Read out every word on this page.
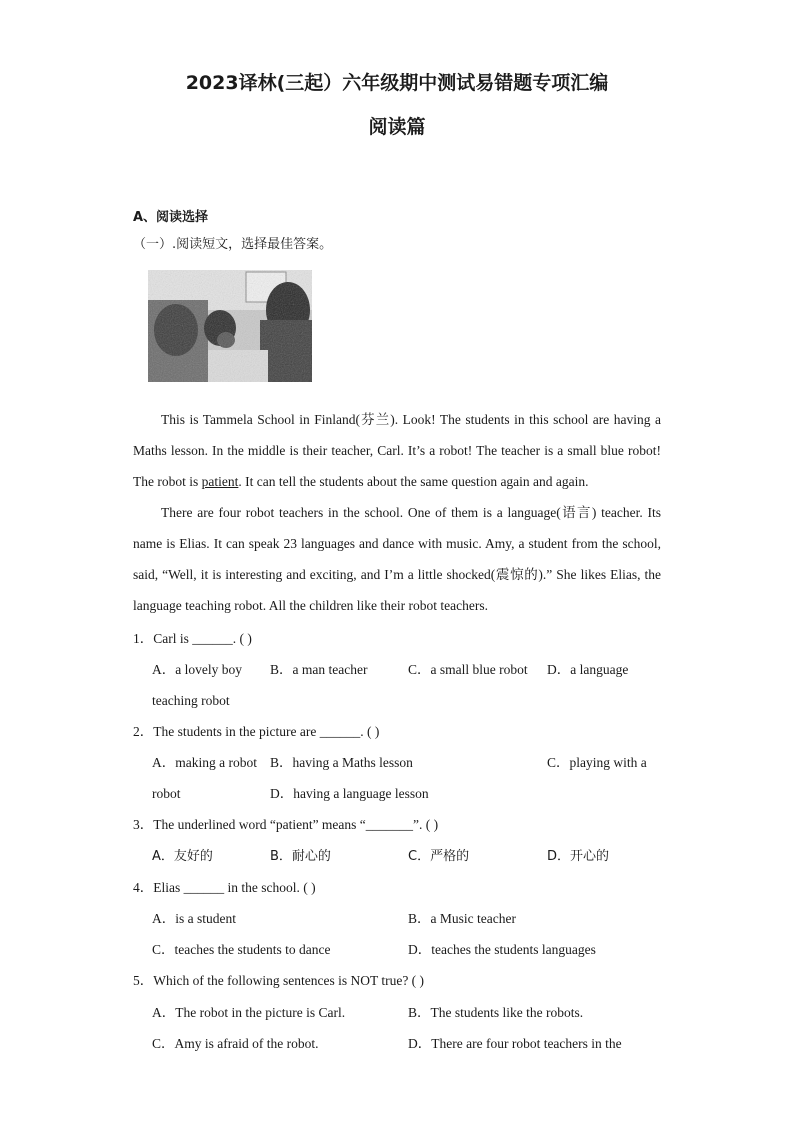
2023译林(三起）六年级期中测试易错题专项汇编
阅读篇
A、阅读选择
（一）.阅读短文，选择最佳答案。

This is Tammela School in Finland(芬兰). Look! The students in this school are having a Maths lesson. In the middle is their teacher, Carl. It’s a robot! The teacher is a small blue robot! The robot is patient. It can tell the students about the same question again and again.

There are four robot teachers in the school. One of them is a language(语言) teacher. Its name is Elias. It can speak 23 languages and dance with music. Amy, a student from the school, said, “Well, it is interesting and exciting, and I’m a little shocked(震惊的).” She likes Elias, the language teaching robot. All the children like their robot teachers.

1．Carl is ______. ( )
A．a lovely boy B．a man teacher	C．a small blue robot D．a language
teaching robot
2．The students in the picture are ______. ( )
A．making a robot B．having a Maths lesson	C．playing with a
robot	D．having a language lesson
3．The underlined word “patient” means “_______”. ( )
A．友好的	B．耐心的	C．严格的	D．开心的
4．Elias ______ in the school. ( )
A．is a student	B．a Music teacher
C．teaches the students to dance	D．teaches the students languages
5．Which of the following sentences is NOT true? ( )
A．The robot in the picture is Carl.	B．The students like the robots.
C．Amy is afraid of the robot.	D．There are four robot teachers in the
